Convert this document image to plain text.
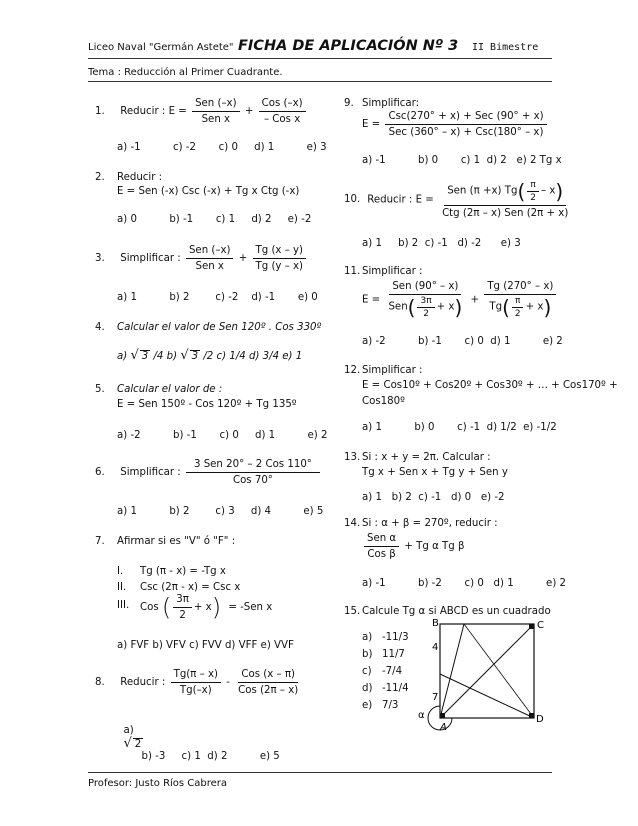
Liceo Naval "Germán Astete" FICHA DE APLICACIÓN Nº 3 II Bimestre
Tema : Reducción al Primer Cuadrante.
1. Reducir : $E = \frac{\text{Sen (–x)}}{\text{Sen x}} + \frac{\text{Cos (–x)}}{\text{– Cos x}}$
a) -1          c) -2       c) 0     d) 1          e) 3
2. Reducir :
E = Sen (-x) Csc (-x) + Tg x Ctg (-x)
a) 0          b) -1       c) 1     d) 2     e) -2
3. Simplificar : $\frac{\text{Sen (–x)}}{\text{Sen x}} + \frac{Tg (x - y)}{Tg (y - x)}$
a) 1          b) 2        c) -2    d) -1       e) 0
4. Calcular el valor de Sen 120º . Cos 330º
a) √ 3 /4 b) √ 3 /2 c) 1/4 d) 3/4 e) 1
5. Calcular el valor de :
E = Sen 150º - Cos 120º + Tg 135º
a) -2          b) -1       c) 0     d) 1          e) 2
6. Simplificar : $\frac{\text{3 Sen 20° – 2 Cos 110°}}{\text{Cos 70°}}$
a) 1          b) 2        c) 3     d) 4          e) 5
7. Afirmar si es "V" ó "F" :
I. Tg (π - x) = -Tg x
II. Csc (2π - x) = Csc x
III. Cos ( $\frac{3\pi}{2} + x) = -Sen$ x
a) FVF b) VFV c) FVV d) VFF e) VVF
8. Reducir : $\frac{Tg(\pi - x)}{Tg(-x)} - \frac{\text{Cos (x – π)}}{\text{Cos (2π – x)}}$

a)
√ 2
b) -3     c) 1  d) 2          e) 5

9. Simplificar:
$E = \frac{\text{Csc(270° + x) + Sec (90° + x)}}{\text{Sec (360° – x) + Csc(180° – x)}}$
a) -1          b) 0       c) 1  d) 2   e) 2 Tg x
10. Reducir : $E = \frac{Sen (\pi +x) Tg( \frac{\pi}{2} - x)}{\text{Ctg (2π – x) Sen (2π + x)}}$
a) 1     b) 2  c) -1   d) -2      e) 3
11. Simplificar :
$E = \frac{\text{Sen (90° – x)}}{Sen( \frac{3\pi}{2} + x)} + \frac{Tg (270^\circ - x)}{Tg( \frac{\pi}{2} + x)}$
a) -2          b) -1       c) 0  d) 1          e) 2
12. Simplificar :
E = Cos10º + Cos20º + Cos30º + … + Cos170º +
Cos180º
a) 1          b) 0       c) -1  d) 1/2  e) -1/2
13. Si : x + y = 2π. Calcular :
Tg x + Sen x + Tg y + Sen y
a) 1   b) 2  c) -1   d) 0   e) -2
14. Si : α + β = 270º, reducir :
$\frac{\text{Sen α}}{\text{Cos β}} + Tg$ α Tg β
a) -1          b) -2       c) 0   d) 1          e) 2
15. Calcule Tg α si ABCD es un cuadrado
a) -11/3
b) 11/7
c) -7/4
d) -11/4
e) 7/3
B	C
A
D
4
7
α
Profesor: Justo Ríos Cabrera
